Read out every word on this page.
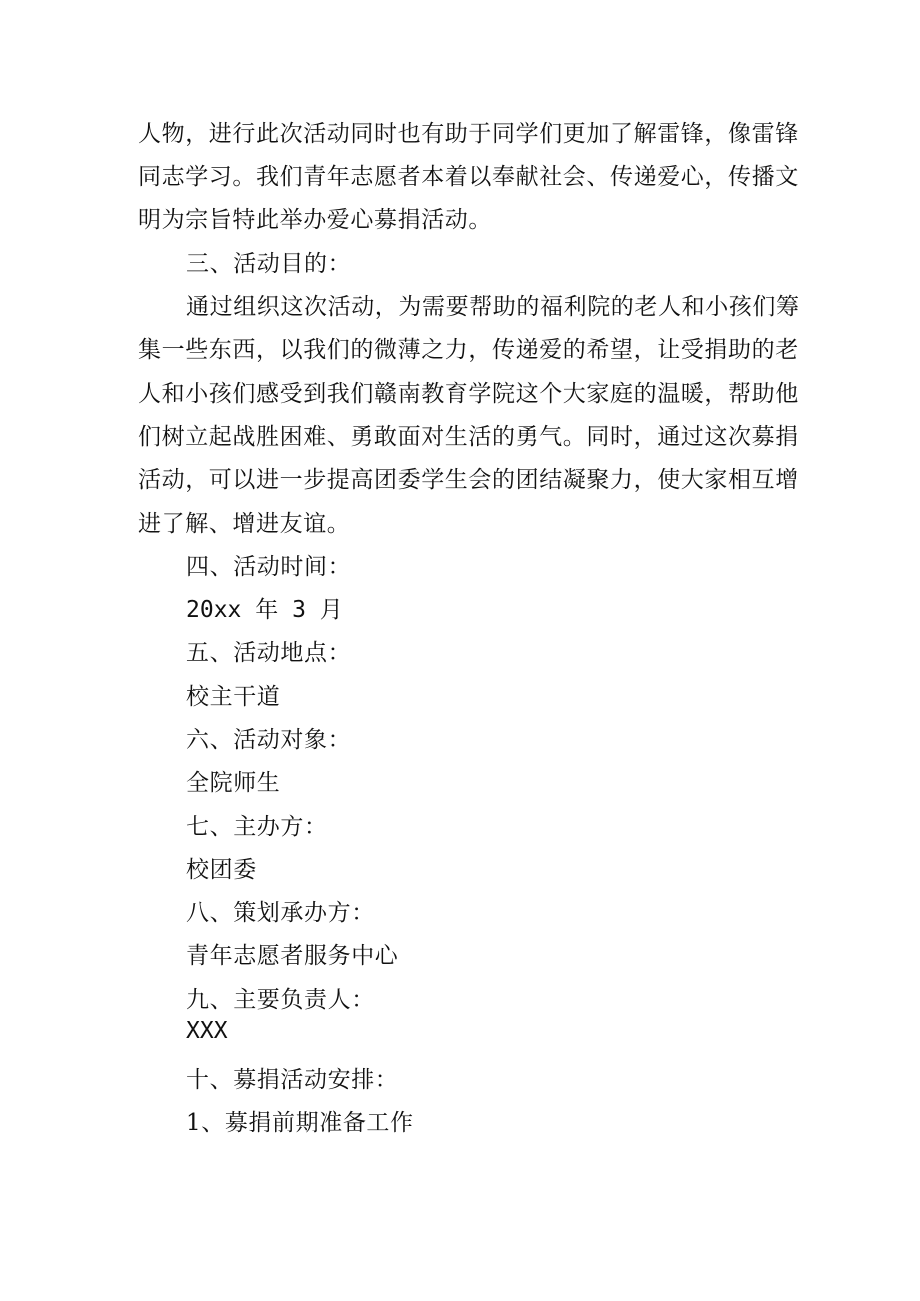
人物，进行此次活动同时也有助于同学们更加了解雷锋，像雷锋
同志学习。我们青年志愿者本着以奉献社会、传递爱心，传播文
明为宗旨特此举办爱心募捐活动。
三、活动目的：
通过组织这次活动，为需要帮助的福利院的老人和小孩们筹
集一些东西，以我们的微薄之力，传递爱的希望，让受捐助的老
人和小孩们感受到我们赣南教育学院这个大家庭的温暖，帮助他
们树立起战胜困难、勇敢面对生活的勇气。同时，通过这次募捐
活动，可以进一步提高团委学生会的团结凝聚力，使大家相互增
进了解、增进友谊。
四、活动时间：
20xx 年 3 月
五、活动地点：
校主干道
六、活动对象：
全院师生
七、主办方：
校团委
八、策划承办方：
青年志愿者服务中心
九、主要负责人：
XXX
十、募捐活动安排：
1、募捐前期准备工作
